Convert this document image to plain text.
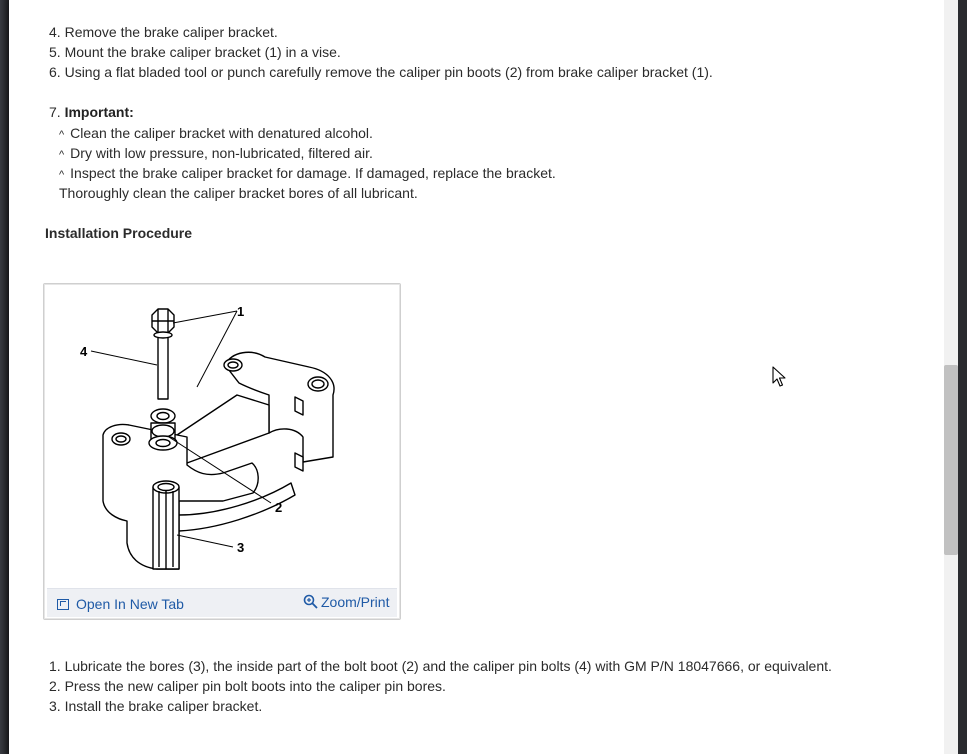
4. Remove the brake caliper bracket.
5. Mount the brake caliper bracket (1) in a vise.
6. Using a flat bladed tool or punch carefully remove the caliper pin boots (2) from brake caliper bracket (1).
7. Important:
^ Clean the caliper bracket with denatured alcohol.
^ Dry with low pressure, non-lubricated, filtered air.
^ Inspect the brake caliper bracket for damage. If damaged, replace the bracket.
Thoroughly clean the caliper bracket bores of all lubricant.
Installation Procedure
1
2
3
4
Open In New Tab	Zoom/Print
1. Lubricate the bores (3), the inside part of the bolt boot (2) and the caliper pin bolts (4) with GM P/N 18047666, or equivalent.
2. Press the new caliper pin bolt boots into the caliper pin bores.
3. Install the brake caliper bracket.
